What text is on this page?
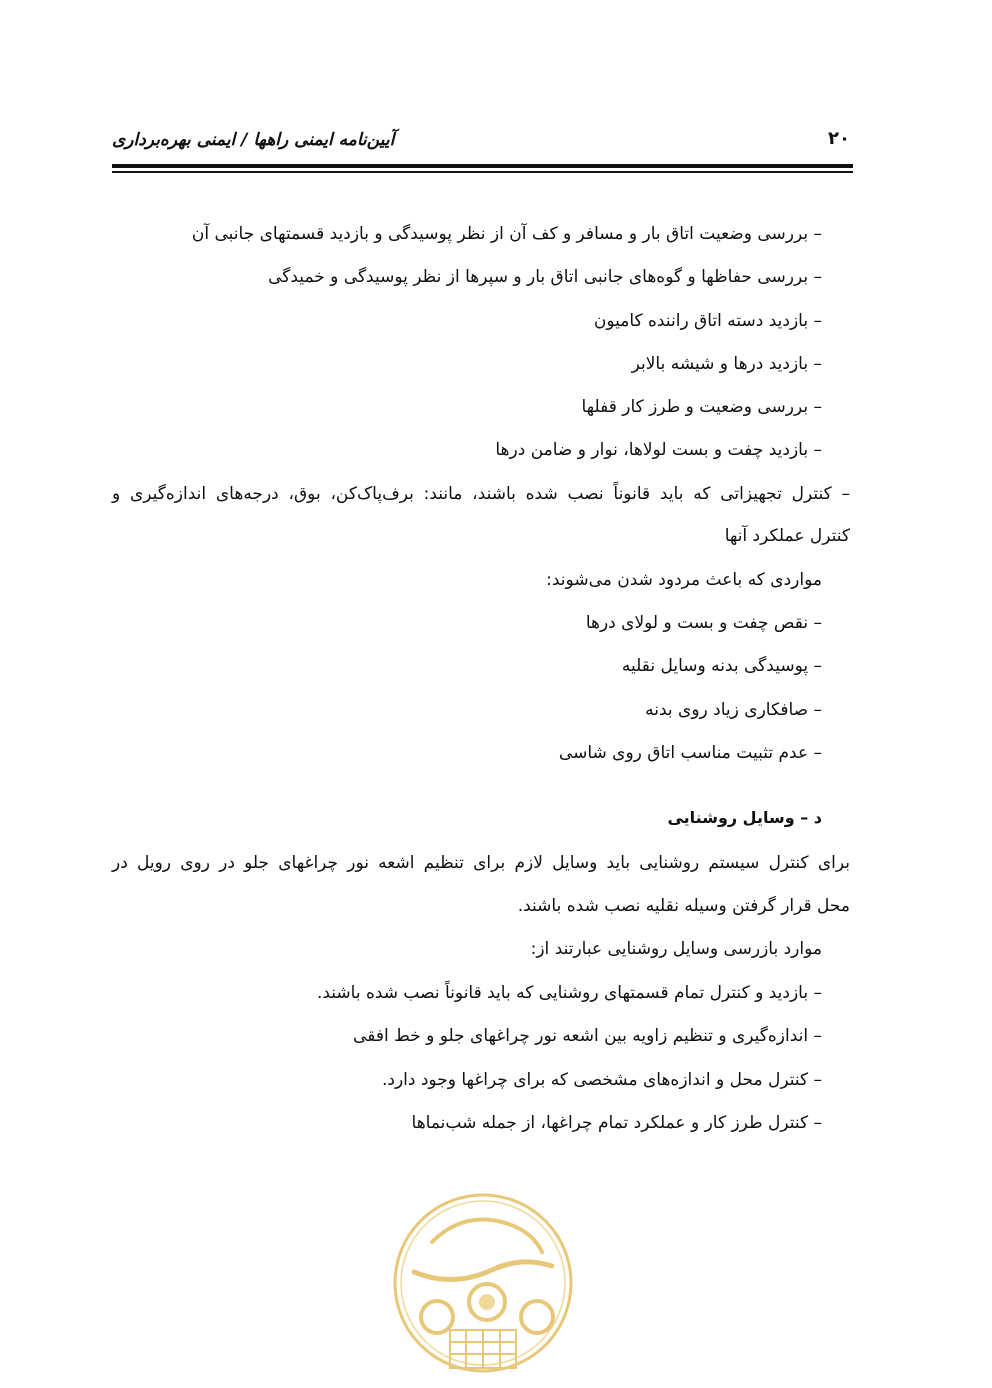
آیین‌نامه ایمنی راهها / ایمنی بهره‌برداری	۲۰
– بررسی وضعیت اتاق بار و مسافر و کف آن از نظر پوسیدگی و بازدید قسمتهای جانبی آن
– بررسی حفاظها و گوه‌های جانبی اتاق بار و سپرها از نظر پوسیدگی و خمیدگی
– بازدید دسته اتاق راننده کامیون
– بازدید درها و شیشه بالابر
– بررسی وضعیت و طرز کار قفلها
– بازدید چفت و بست لولاها، نوار و ضامن درها
– کنترل تجهیزاتی که باید قانوناً نصب شده باشند، مانند: برف‌پاک‌کن، بوق، درجه‌های اندازه‌گیری و
کنترل عملکرد آنها
مواردی که باعث مردود شدن می‌شوند:
– نقص چفت و بست و لولای درها
– پوسیدگی بدنه وسایل نقلیه
– صافکاری زیاد روی بدنه
– عدم تثبیت مناسب اتاق روی شاسی
د – وسایل روشنایی
برای کنترل سیستم روشنایی باید وسایل لازم برای تنظیم اشعه نور چراغهای جلو در روی رویل در
محل قرار گرفتن وسیله نقلیه نصب شده باشند.
موارد بازرسی وسایل روشنایی عبارتند از:
– بازدید و کنترل تمام قسمتهای روشنایی که باید قانوناً نصب شده باشند.
– اندازه‌گیری و تنظیم زاویه بین اشعه نور چراغهای جلو و خط افقی
– کنترل محل و اندازه‌های مشخصی که برای چراغها وجود دارد.
– کنترل طرز کار و عملکرد تمام چراغها، از جمله شب‌نماها
